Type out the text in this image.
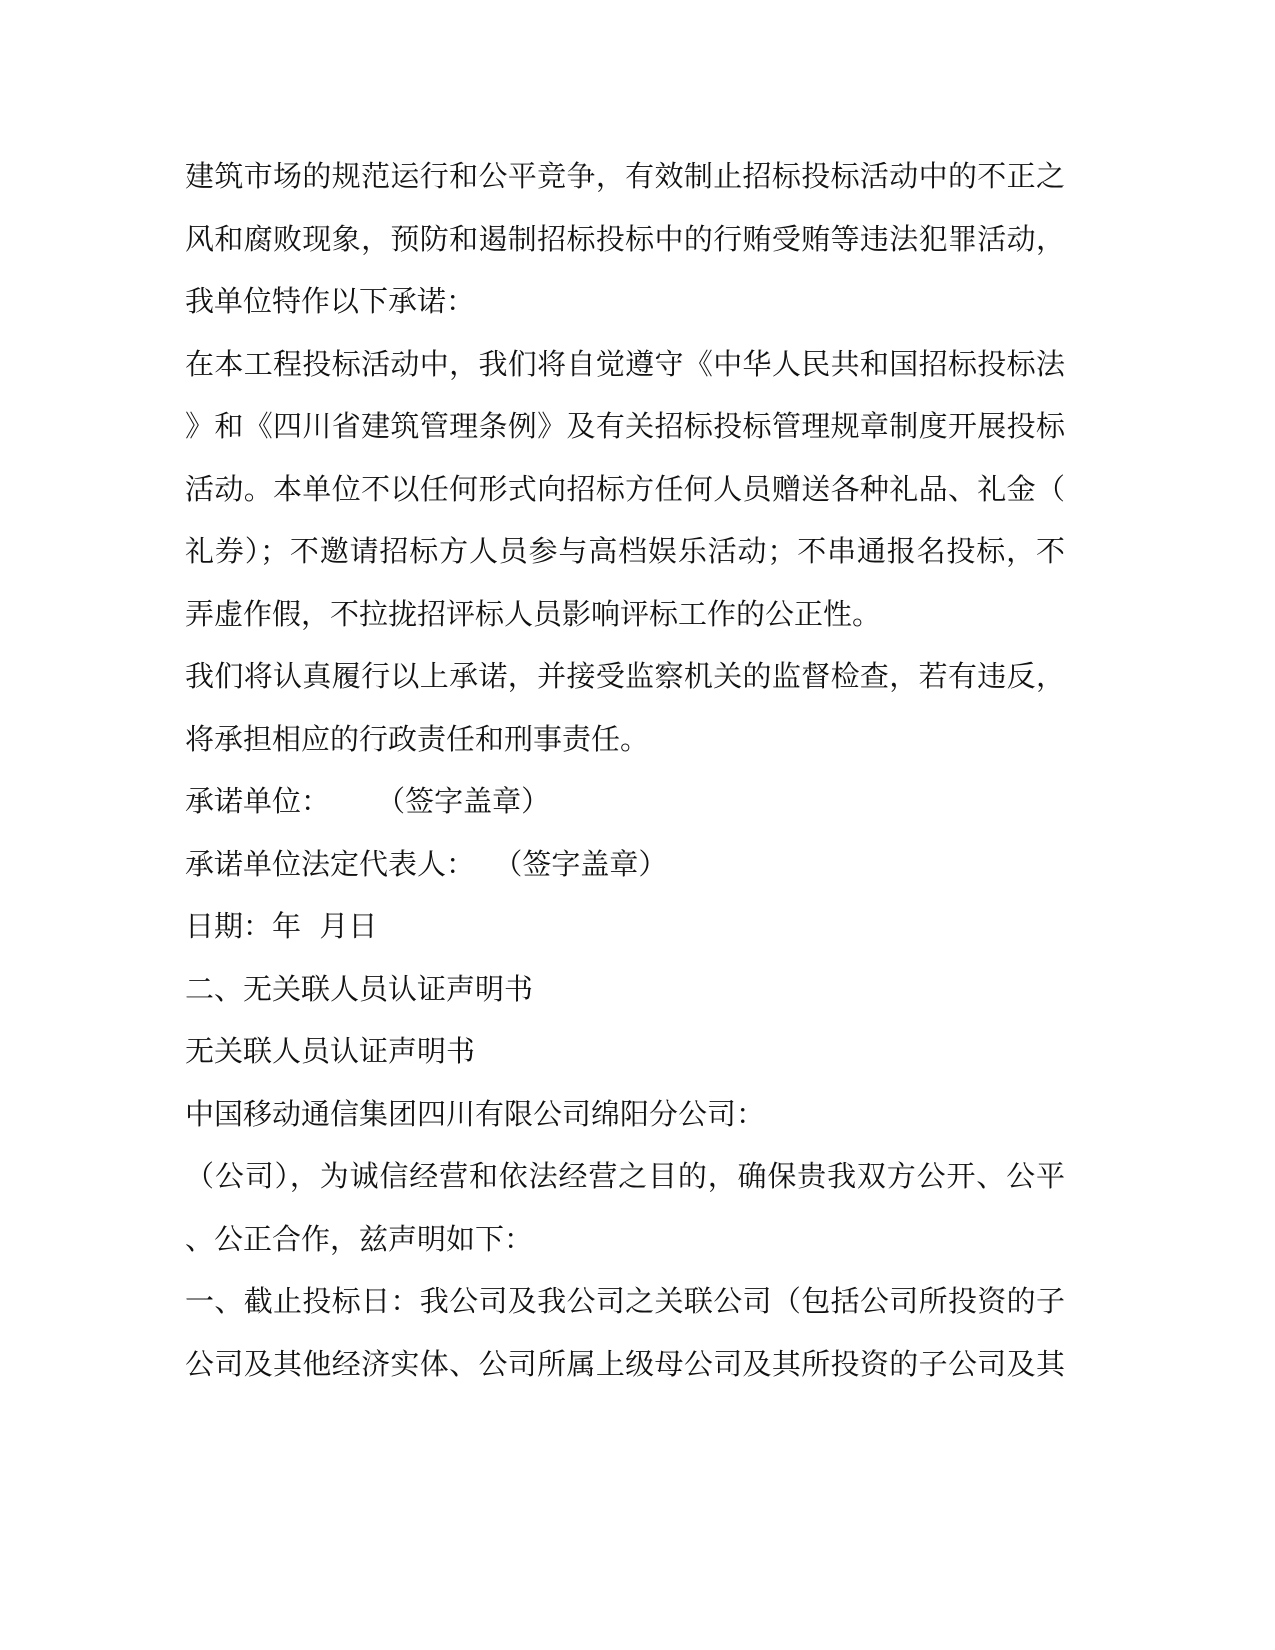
建筑市场的规范运行和公平竞争，有效制止招标投标活动中的不正之
风和腐败现象，预防和遏制招标投标中的行贿受贿等违法犯罪活动，
我单位特作以下承诺：
在本工程投标活动中，我们将自觉遵守《中华人民共和国招标投标法
》和《四川省建筑管理条例》及有关招标投标管理规章制度开展投标
活动。本单位不以任何形式向招标方任何人员赠送各种礼品、礼金（
礼券）；不邀请招标方人员参与高档娱乐活动；不串通报名投标，不
弄虚作假，不拉拢招评标人员影响评标工作的公正性。
我们将认真履行以上承诺，并接受监察机关的监督检查，若有违反，
将承担相应的行政责任和刑事责任。
承诺单位：     （签字盖章）
承诺单位法定代表人：  （签字盖章）
日期：年  月日
二、无关联人员认证声明书
无关联人员认证声明书
中国移动通信集团四川有限公司绵阳分公司：
（公司），为诚信经营和依法经营之目的，确保贵我双方公开、公平
、公正合作，兹声明如下：
一、截止投标日：我公司及我公司之关联公司（包括公司所投资的子
公司及其他经济实体、公司所属上级母公司及其所投资的子公司及其
